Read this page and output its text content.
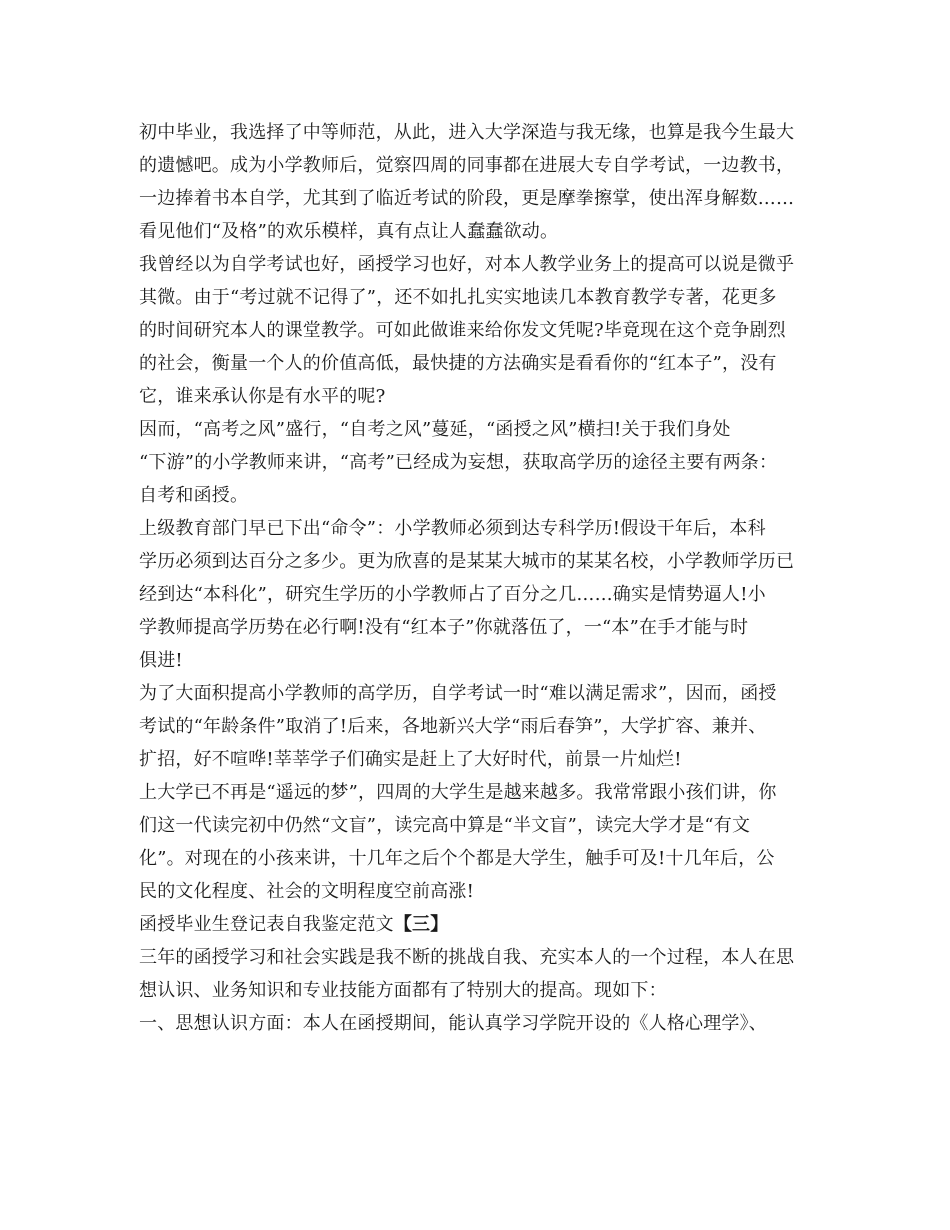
初中毕业，我选择了中等师范，从此，进入大学深造与我无缘，也算是我今生最大
的遗憾吧。成为小学教师后，觉察四周的同事都在进展大专自学考试，一边教书，
一边捧着书本自学，尤其到了临近考试的阶段，更是摩拳擦掌，使出浑身解数……
看见他们“及格”的欢乐模样，真有点让人蠢蠢欲动。
我曾经以为自学考试也好，函授学习也好，对本人教学业务上的提高可以说是微乎
其微。由于“考过就不记得了”，还不如扎扎实实地读几本教育教学专著，花更多
的时间研究本人的课堂教学。可如此做谁来给你发文凭呢?毕竟现在这个竞争剧烈
的社会，衡量一个人的价值高低，最快捷的方法确实是看看你的“红本子”，没有
它，谁来承认你是有水平的呢?
因而，“高考之风”盛行，“自考之风”蔓延，“函授之风”横扫!关于我们身处
“下游”的小学教师来讲，“高考”已经成为妄想，获取高学历的途径主要有两条：
自考和函授。
上级教育部门早已下出“命令”：小学教师必须到达专科学历!假设干年后，本科
学历必须到达百分之多少。更为欣喜的是某某大城市的某某名校，小学教师学历已
经到达“本科化”，研究生学历的小学教师占了百分之几……确实是情势逼人!小
学教师提高学历势在必行啊!没有“红本子”你就落伍了，一“本”在手才能与时
俱进!
为了大面积提高小学教师的高学历，自学考试一时“难以满足需求”，因而，函授
考试的“年龄条件”取消了!后来，各地新兴大学“雨后春笋”，大学扩容、兼并、
扩招，好不喧哗!莘莘学子们确实是赶上了大好时代，前景一片灿烂!
上大学已不再是“遥远的梦”，四周的大学生是越来越多。我常常跟小孩们讲，你
们这一代读完初中仍然“文盲”，读完高中算是“半文盲”，读完大学才是“有文
化”。对现在的小孩来讲，十几年之后个个都是大学生，触手可及!十几年后，公
民的文化程度、社会的文明程度空前高涨!
函授毕业生登记表自我鉴定范文【三】
三年的函授学习和社会实践是我不断的挑战自我、充实本人的一个过程，本人在思
想认识、业务知识和专业技能方面都有了特别大的提高。现如下：
一、思想认识方面：本人在函授期间，能认真学习学院开设的《人格心理学》、
